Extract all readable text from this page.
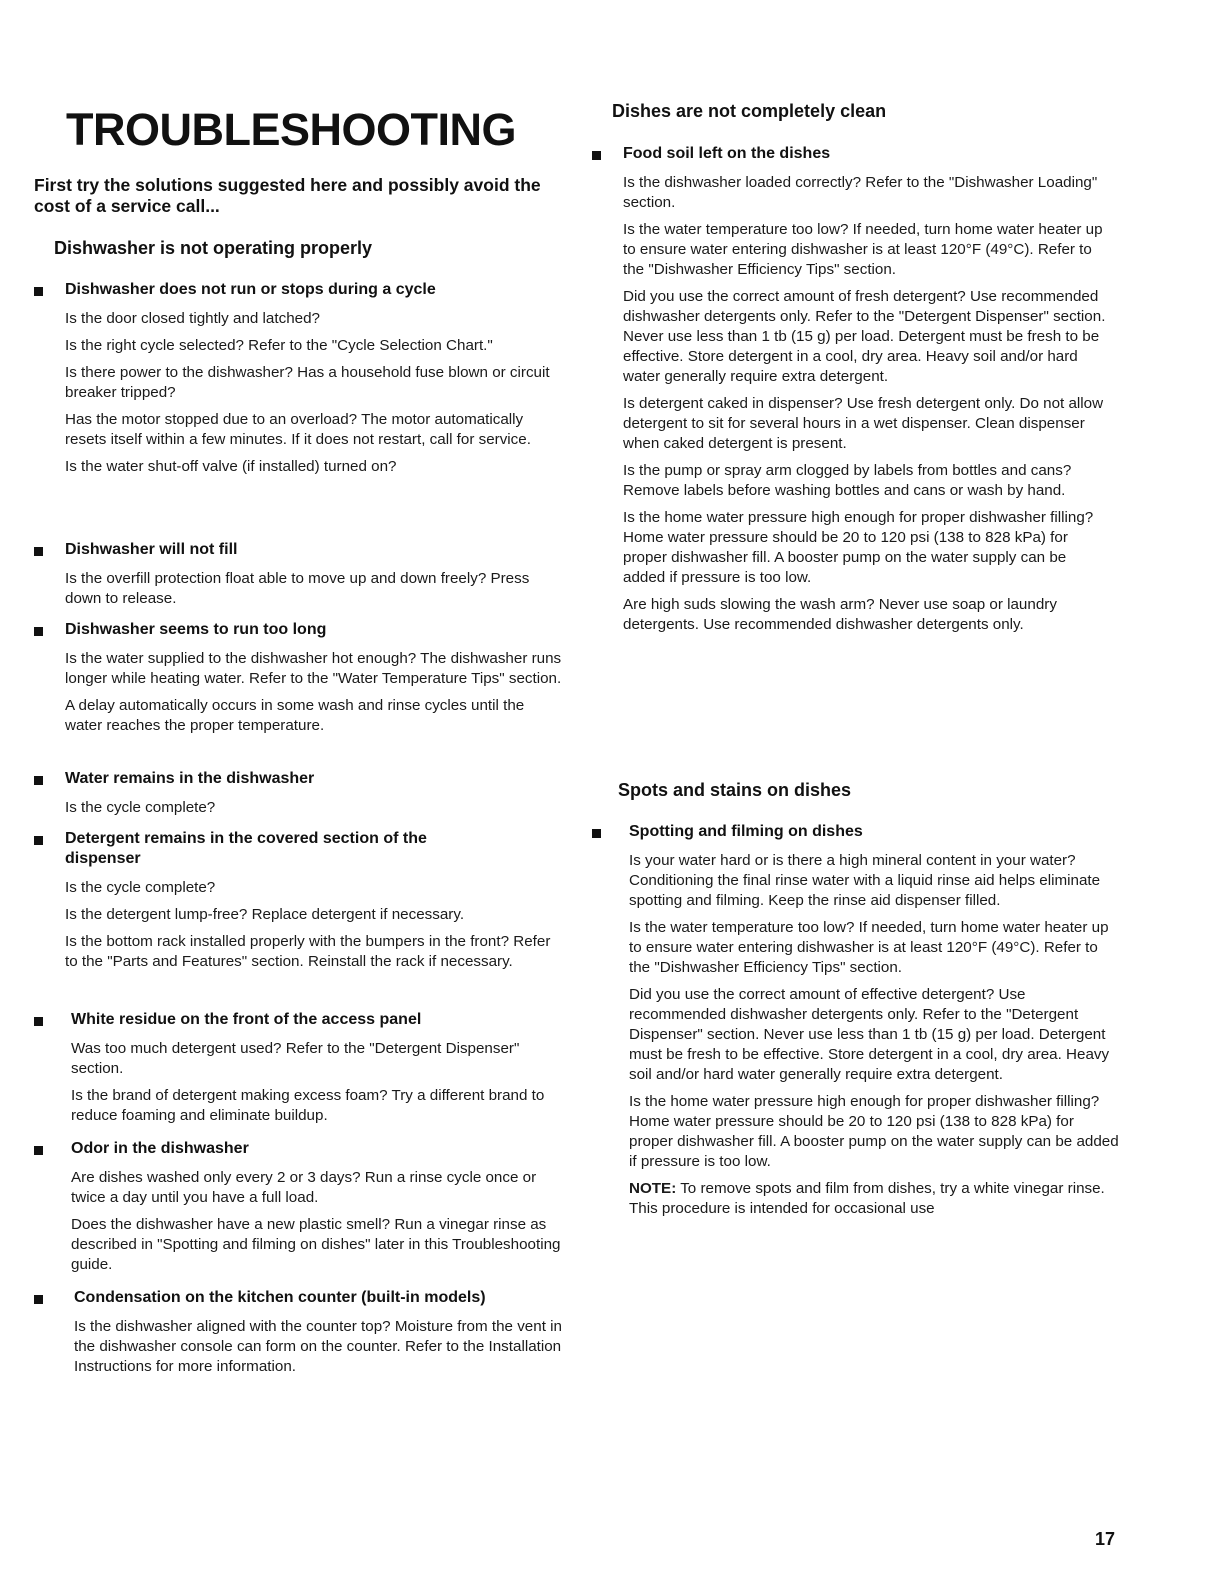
TROUBLESHOOTING

First try the solutions suggested here and possibly avoid the cost of a service call...

Dishwasher is not operating properly

Dishwasher does not run or stops during a cycle

Is the door closed tightly and latched?

Is the right cycle selected? Refer to the "Cycle Selection Chart."

Is there power to the dishwasher? Has a household fuse blown or circuit breaker tripped?

Has the motor stopped due to an overload? The motor automatically resets itself within a few minutes. If it does not restart, call for service.

Is the water shut-off valve (if installed) turned on?

Dishwasher will not fill

Is the overfill protection float able to move up and down freely? Press down to release.

Dishwasher seems to run too long

Is the water supplied to the dishwasher hot enough? The dishwasher runs longer while heating water. Refer to the "Water Temperature Tips" section.

A delay automatically occurs in some wash and rinse cycles until the water reaches the proper temperature.

Water remains in the dishwasher

Is the cycle complete?

Detergent remains in the covered section of the dispenser

Is the cycle complete?

Is the detergent lump-free? Replace detergent if necessary.

Is the bottom rack installed properly with the bumpers in the front? Refer to the "Parts and Features" section. Reinstall the rack if necessary.

White residue on the front of the access panel

Was too much detergent used? Refer to the "Detergent Dispenser" section.

Is the brand of detergent making excess foam? Try a different brand to reduce foaming and eliminate buildup.

Odor in the dishwasher

Are dishes washed only every 2 or 3 days? Run a rinse cycle once or twice a day until you have a full load.

Does the dishwasher have a new plastic smell? Run a vinegar rinse as described in "Spotting and filming on dishes" later in this Troubleshooting guide.

Condensation on the kitchen counter (built-in models)

Is the dishwasher aligned with the counter top? Moisture from the vent in the dishwasher console can form on the counter. Refer to the Installation Instructions for more information.

Dishes are not completely clean

Food soil left on the dishes

Is the dishwasher loaded correctly? Refer to the "Dishwasher Loading" section.

Is the water temperature too low? If needed, turn home water heater up to ensure water entering dishwasher is at least 120°F (49°C). Refer to the "Dishwasher Efficiency Tips" section.

Did you use the correct amount of fresh detergent? Use recommended dishwasher detergents only. Refer to the "Detergent Dispenser" section. Never use less than 1 tb (15 g) per load. Detergent must be fresh to be effective. Store detergent in a cool, dry area. Heavy soil and/or hard water generally require extra detergent.

Is detergent caked in dispenser? Use fresh detergent only. Do not allow detergent to sit for several hours in a wet dispenser. Clean dispenser when caked detergent is present.

Is the pump or spray arm clogged by labels from bottles and cans? Remove labels before washing bottles and cans or wash by hand.

Is the home water pressure high enough for proper dishwasher filling? Home water pressure should be 20 to 120 psi (138 to 828 kPa) for proper dishwasher fill. A booster pump on the water supply can be added if pressure is too low.

Are high suds slowing the wash arm? Never use soap or laundry detergents. Use recommended dishwasher detergents only.

Spots and stains on dishes

Spotting and filming on dishes

Is your water hard or is there a high mineral content in your water? Conditioning the final rinse water with a liquid rinse aid helps eliminate spotting and filming. Keep the rinse aid dispenser filled.

Is the water temperature too low? If needed, turn home water heater up to ensure water entering dishwasher is at least 120°F (49°C). Refer to the "Dishwasher Efficiency Tips" section.

Did you use the correct amount of effective detergent? Use recommended dishwasher detergents only. Refer to the "Detergent Dispenser" section. Never use less than 1 tb (15 g) per load. Detergent must be fresh to be effective. Store detergent in a cool, dry area. Heavy soil and/or hard water generally require extra detergent.

Is the home water pressure high enough for proper dishwasher filling? Home water pressure should be 20 to 120 psi (138 to 828 kPa) for proper dishwasher fill. A booster pump on the water supply can be added if pressure is too low.

NOTE: To remove spots and film from dishes, try a white vinegar rinse. This procedure is intended for occasional use

17
